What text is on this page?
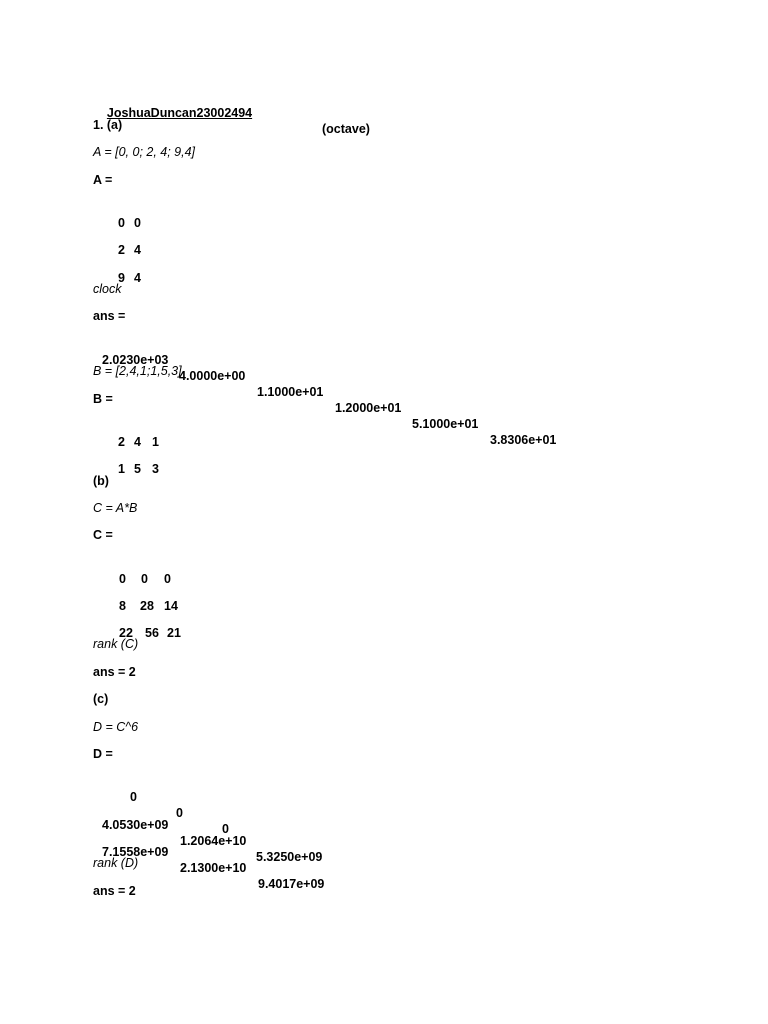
JoshuaDuncan23002494

(octave)

1. (a)
A = [0, 0; 2, 4; 9,4]
A =

0 0

2 4

9 4

clock
ans =

2.0230e+03

4.0000e+00

1.1000e+01

1.2000e+01

5.1000e+01

3.8306e+01

B = [2,4,1;1,5,3]
B =

2 4 1

1 5 3

(b)
C = A*B
C =

0 0 0

8 28 14

22 56 21

rank (C)
ans = 2
(c)
D = C^6
D =

0

0

0

4.0530e+09

1.2064e+10

5.3250e+09

7.1558e+09

2.1300e+10

9.4017e+09

rank (D)
ans = 2
